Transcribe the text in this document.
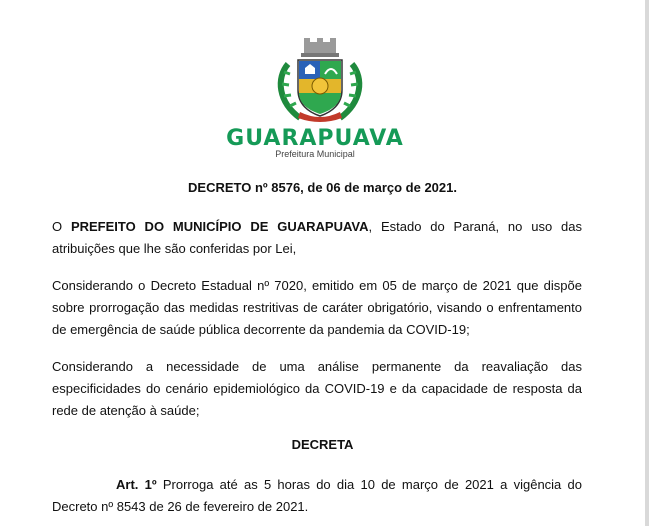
GUARAPUAVA
Prefeitura Municipal
DECRETO nº 8576, de 06 de março de 2021.
O PREFEITO DO MUNICÍPIO DE GUARAPUAVA, Estado do Paraná, no uso das atribuições que lhe são conferidas por Lei,
Considerando o Decreto Estadual nº 7020, emitido em 05 de março de 2021 que dispõe sobre prorrogação das medidas restritivas de caráter obrigatório, visando o enfrentamento de emergência de saúde pública decorrente da pandemia da COVID-19;
Considerando a necessidade de uma análise permanente da reavaliação das especificidades do cenário epidemiológico da COVID-19 e da capacidade de resposta da rede de atenção à saúde;
DECRETA
Art. 1º Prorroga até as 5 horas do dia 10 de março de 2021 a vigência do Decreto nº 8543 de 26 de fevereiro de 2021.
